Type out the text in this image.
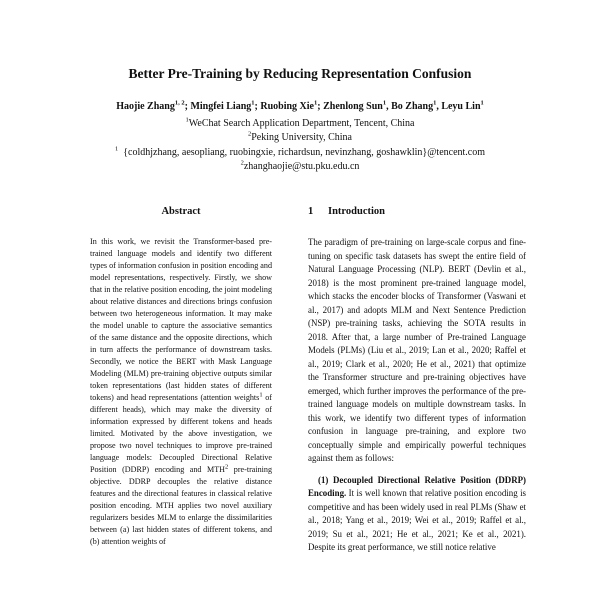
Better Pre-Training by Reducing Representation Confusion
Haojie Zhang$^{1, 2}$; Mingfei Liang$^1$; Ruobing Xie$^1$; Zhenlong Sun$^1$, Bo Zhang$^1$, Leyu Lin$^1$
$^1$WeChat Search Application Department, Tencent, China
$^2$Peking University, China
$^1$ {coldhjzhang, aesopliang, ruobingxie, richardsun, nevinzhang, goshawklin}@tencent.com
$^2$zhanghaojie@stu.pku.edu.cn
Abstract
In this work, we revisit the Transformer-based pre-trained language models and identify two different types of information confusion in position encoding and model representations, respectively. Firstly, we show that in the relative position encoding, the joint modeling about relative distances and directions brings confusion between two heterogeneous information. It may make the model unable to capture the associative semantics of the same distance and the opposite directions, which in turn affects the performance of downstream tasks. Secondly, we notice the BERT with Mask Language Modeling (MLM) pre-training objective outputs similar token representations (last hidden states of different tokens) and head representations (attention weights$^1$ of different heads), which may make the diversity of information expressed by different tokens and heads limited. Motivated by the above investigation, we propose two novel techniques to improve pre-trained language models: Decoupled Directional Relative Position (DDRP) encoding and MTH$^2$ pre-training objective. DDRP decouples the relative distance features and the directional features in classical relative position encoding. MTH applies two novel auxiliary regularizers besides MLM to enlarge the dissimilarities between (a) last hidden states of different tokens, and (b) attention weights of
1 Introduction

The paradigm of pre-training on large-scale corpus and fine-tuning on specific task datasets has swept the entire field of Natural Language Processing (NLP). BERT (Devlin et al., 2018) is the most prominent pre-trained language model, which stacks the encoder blocks of Transformer (Vaswani et al., 2017) and adopts MLM and Next Sentence Prediction (NSP) pre-training tasks, achieving the SOTA results in 2018. After that, a large number of Pre-trained Language Models (PLMs) (Liu et al., 2019; Lan et al., 2020; Raffel et al., 2019; Clark et al., 2020; He et al., 2021) that optimize the Transformer structure and pre-training objectives have emerged, which further improves the performance of the pre-trained language models on multiple downstream tasks. In this work, we identify two different types of information confusion in language pre-training, and explore two conceptually simple and empirically powerful techniques against them as follows:

(1) Decoupled Directional Relative Position (DDRP) Encoding. It is well known that relative position encoding is competitive and has been widely used in real PLMs (Shaw et al., 2018; Yang et al., 2019; Wei et al., 2019; Raffel et al., 2019; Su et al., 2021; He et al., 2021; Ke et al., 2021). Despite its great performance, we still notice relative
